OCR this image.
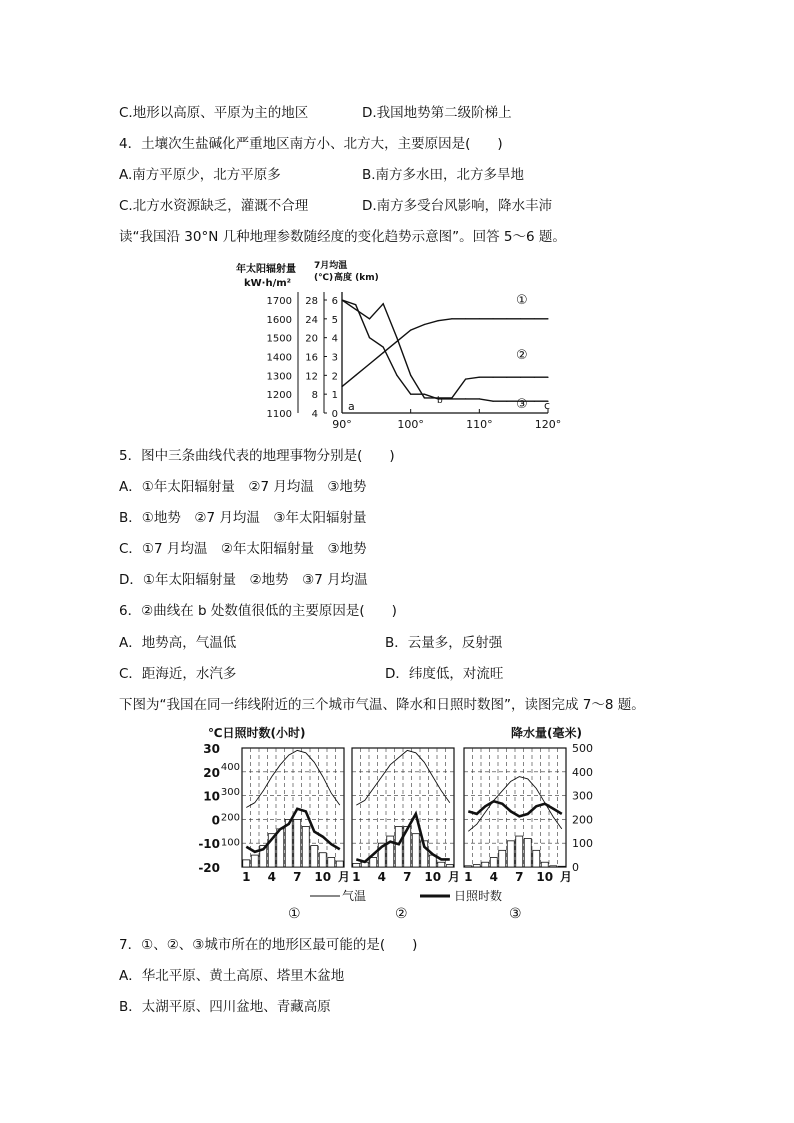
C.地形以高原、平原为主的地区	D.我国地势第二级阶梯上
4．土壤次生盐碱化严重地区南方小、北方大，主要原因是(　　)
A.南方平原少，北方平原多	B.南方多水田，北方多旱地
C.北方水资源缺乏，灌溉不合理	D.南方多受台风影响，降水丰沛
读“我国沿 30°N 几种地理参数随经度的变化趋势示意图”。回答 5～6 题。
年太阳辐射量
kW·h/m²
7月均温
(℃) 高度 (km)
1700 28 6
1600 24 5
1500 20 4
1400 16 3
1300 12 2
1200 8 1
1100 4 0
90°	100°	110°	120°
a	b	c
①
②
③
5．图中三条曲线代表的地理事物分别是(　　)
A．①年太阳辐射量　②7 月均温　③地势
B．①地势　②7 月均温　③年太阳辐射量
C．①7 月均温　②年太阳辐射量　③地势
D．①年太阳辐射量　②地势　③7 月均温
6．②曲线在 b 处数值很低的主要原因是(　　)
A．地势高，气温低	B．云量多，反射强
C．距海近，水汽多	D．纬度低，对流旺
下图为“我国在同一纬线附近的三个城市气温、降水和日照时数图”，读图完成 7～8 题。
℃日照时数(小时)	降水量(毫米)
30
20
10
0
-10
-20
400
300
200
100
500
400
300
200
100
0
1 4 7 10 月 1 4 7 10 月 1 4 7 10 月
气温	日照时数
①	②	③
7．①、②、③城市所在的地形区最可能的是(　　)
A．华北平原、黄土高原、塔里木盆地
B．太湖平原、四川盆地、青藏高原
